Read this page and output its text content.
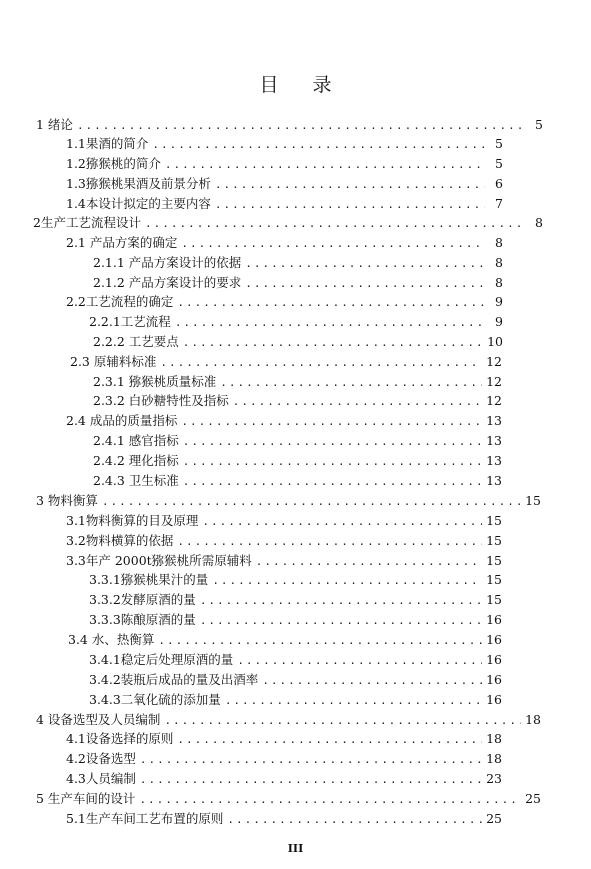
目 录
1 绪论 .....	5
1.1果酒的简介 .....	5
1.2猕猴桃的简介 .....	5
1.3猕猴桃果酒及前景分析 .....	6
1.4本设计拟定的主要内容 .....	7
2生产工艺流程设计 .....	8
2.1 产品方案的确定 .....	8
2.1.1 产品方案设计的依据 .....	8
2.1.2 产品方案设计的要求 .....	8
2.2工艺流程的确定 .....	9
2.2.1工艺流程 .....	9
2.2.2 工艺要点 .....	10
2.3 原辅料标准 .....	12
2.3.1 猕猴桃质量标准 .....	12
2.3.2 白砂糖特性及指标 .....	12
2.4 成品的质量指标 .....	13
2.4.1 感官指标 .....	13
2.4.2 理化指标 .....	13
2.4.3 卫生标准 .....	13
3 物料衡算 .....	15
3.1物料衡算的目及原理 .....	15
3.2物料横算的依据 .....	15
3.3年产 2000t猕猴桃所需原辅料 .....	15
3.3.1猕猴桃果汁的量 .....	15
3.3.2发酵原酒的量 .....	15
3.3.3陈酿原酒的量 .....	16
3.4 水、热衡算 .....	16
3.4.1稳定后处理原酒的量 .....	16
3.4.2装瓶后成品的量及出酒率 .....	16
3.4.3二氧化硫的添加量 .....	16
4 设备选型及人员编制 .....	18
4.1设备选择的原则 .....	18
4.2设备选型 .....	18
4.3人员编制 .....	23
5 生产车间的设计 .....	25
5.1生产车间工艺布置的原则 .....	25
III
